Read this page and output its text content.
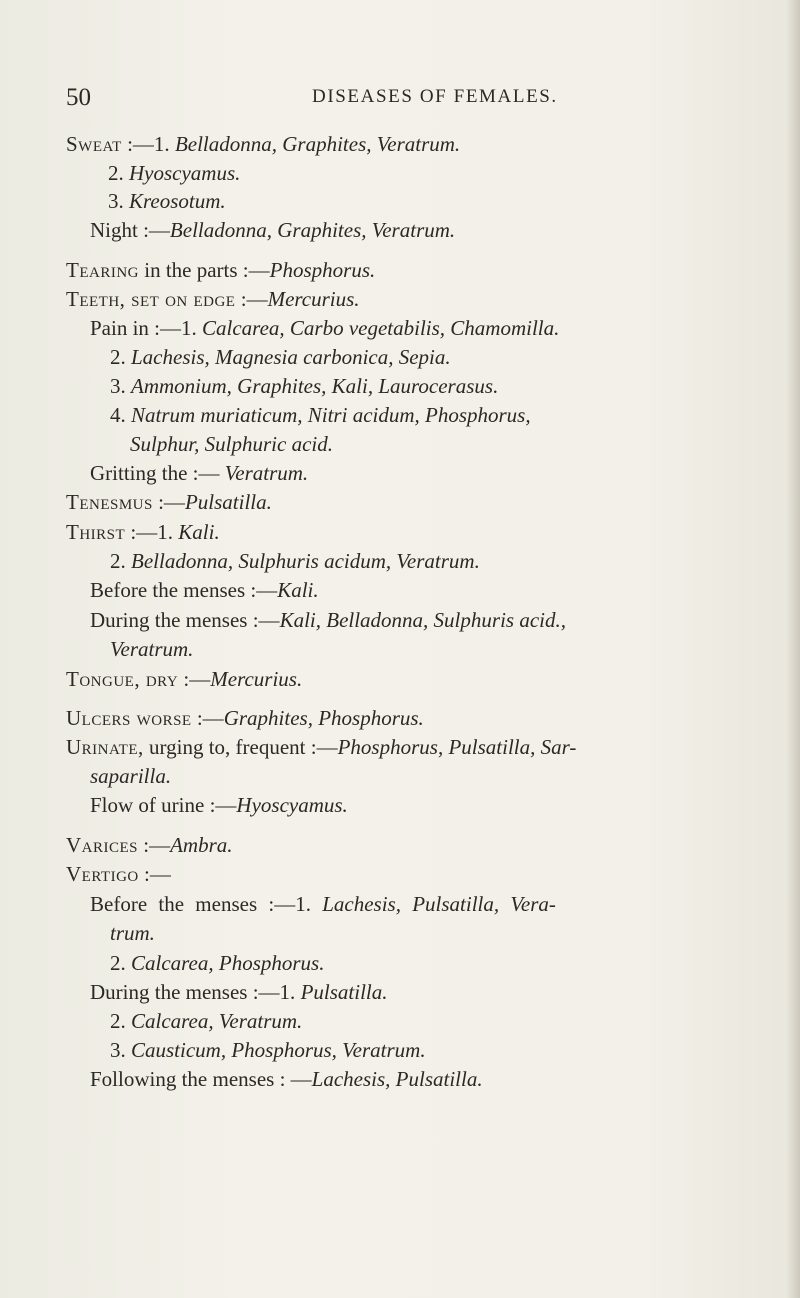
50	DISEASES OF FEMALES.
Sweat :—1. Belladonna, Graphites, Veratrum.
2. Hyoscyamus.
3. Kreosotum.
Night :—Belladonna, Graphites, Veratrum.
Tearing in the parts :—Phosphorus.
Teeth, set on edge :—Mercurius.
Pain in :—1. Calcarea, Carbo vegetabilis, Chamomilla.
2. Lachesis, Magnesia carbonica, Sepia.
3. Ammonium, Graphites, Kali, Laurocerasus.
4. Natrum muriaticum, Nitri acidum, Phosphorus,
Sulphur, Sulphuric acid.
Gritting the :— Veratrum.
Tenesmus :—Pulsatilla.
Thirst :—1. Kali.
2. Belladonna, Sulphuris acidum, Veratrum.
Before the menses :—Kali.
During the menses :—Kali, Belladonna, Sulphuris acid.,
Veratrum.
Tongue, dry :—Mercurius.
Ulcers worse :—Graphites, Phosphorus.
Urinate, urging to, frequent :—Phosphorus, Pulsatilla, Sar-
saparilla.
Flow of urine :—Hyoscyamus.
Varices :—Ambra.
Vertigo :—
Before the menses :—1. Lachesis, Pulsatilla, Vera-
trum.
2. Calcarea, Phosphorus.
During the menses :—1. Pulsatilla.
2. Calcarea, Veratrum.
3. Causticum, Phosphorus, Veratrum.
Following the menses : —Lachesis, Pulsatilla.
